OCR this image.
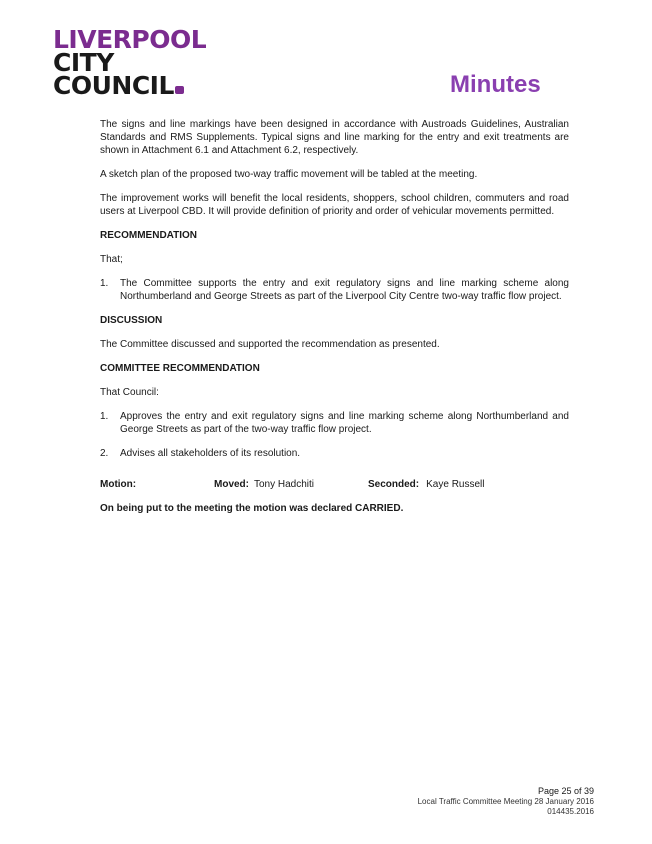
LIVERPOOL
CITY
COUNCIL	Minutes

The signs and line markings have been designed in accordance with Austroads Guidelines, Australian Standards and RMS Supplements. Typical signs and line marking for the entry and exit treatments are shown in Attachment 6.1 and Attachment 6.2, respectively.

A sketch plan of the proposed two-way traffic movement will be tabled at the meeting.

The improvement works will benefit the local residents, shoppers, school children, commuters and road users at Liverpool CBD. It will provide definition of priority and order of vehicular movements permitted.

RECOMMENDATION

That;

1.	The Committee supports the entry and exit regulatory signs and line marking scheme along Northumberland and George Streets as part of the Liverpool City Centre two-way traffic flow project.

DISCUSSION

The Committee discussed and supported the recommendation as presented.

COMMITTEE RECOMMENDATION

That Council:

1.	Approves the entry and exit regulatory signs and line marking scheme along Northumberland and George Streets as part of the two-way traffic flow project.
2.	Advises all stakeholders of its resolution.
Motion:	Moved: Tony Hadchiti	Seconded: Kaye Russell

On being put to the meeting the motion was declared CARRIED.

Page 25 of 39
Local Traffic Committee Meeting 28 January 2016
014435.2016
